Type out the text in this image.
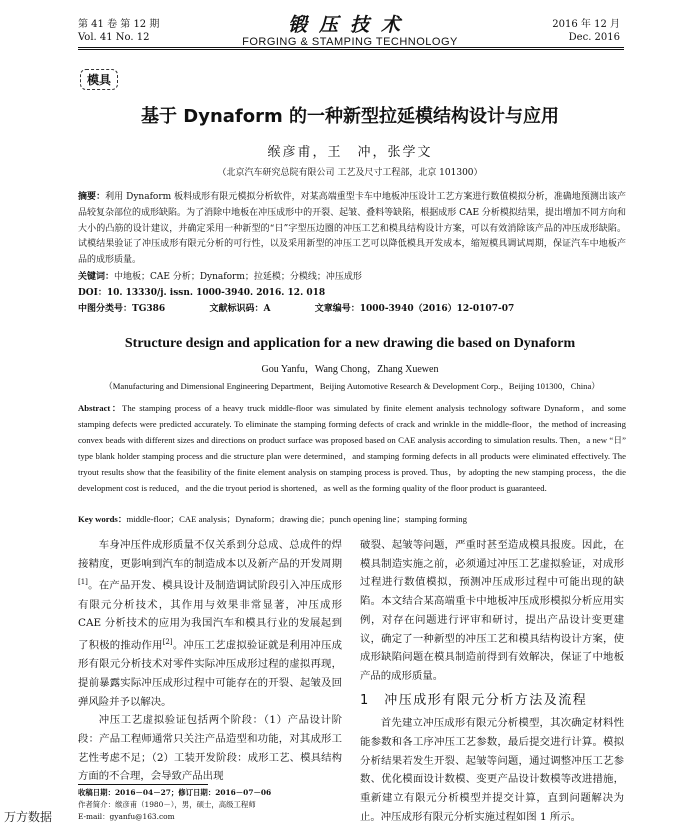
第 41 卷 第 12 期
Vol. 41 No. 12
锻压技术
FORGING & STAMPING TECHNOLOGY
2016 年 12 月
Dec. 2016
模具
基于 Dynaform 的一种新型拉延模结构设计与应用
缑彦甫，王　冲，张学文
（北京汽车研究总院有限公司 工艺及尺寸工程部，北京 101300）
摘要：利用 Dynaform 板料成形有限元模拟分析软件，对某高端重型卡车中地板冲压设计工艺方案进行数值模拟分析，准确地预测出该产品较复杂部位的成形缺陷。为了消除中地板在冲压成形中的开裂、起皱、叠料等缺陷，根据成形 CAE 分析模拟结果，提出增加不同方向和大小的凸筋的设计建议，并确定采用一种新型的“日”字型压边圈的冲压工艺和模具结构设计方案，可以有效消除该产品的冲压成形缺陷。试模结果验证了冲压成形有限元分析的可行性，以及采用新型的冲压工艺可以降低模具开发成本，缩短模具调试周期，保证汽车中地板产品的成形质量。
关键词：中地板；CAE 分析；Dynaform；拉延模；分模线；冲压成形
DOI：10. 13330/j. issn. 1000-3940. 2016. 12. 018
中图分类号：TG386	文献标识码：A	文章编号：1000-3940（2016）12-0107-07
Structure design and application for a new drawing die based on Dynaform
Gou Yanfu，Wang Chong，Zhang Xuewen
（Manufacturing and Dimensional Engineering Department，Beijing Automotive Research & Development Corp.，Beijing 101300，China）
Abstract：The stamping process of a heavy truck middle-floor was simulated by finite element analysis technology software Dynaform，and some stamping defects were predicted accurately. To eliminate the stamping forming defects of crack and wrinkle in the middle-floor，the method of increasing convex beads with different sizes and directions on product surface was proposed based on CAE analysis according to simulation results. Then，a new “日” type blank holder stamping process and die structure plan were determined，and stamping forming defects in all products were eliminated effectively. The tryout results show that the feasibility of the finite element analysis on stamping process is proved. Thus，by adopting the new stamping process，the die development cost is reduced，and the die tryout period is shortened，as well as the forming quality of the floor product is guaranteed.
Key words：middle-floor；CAE analysis；Dynaform；drawing die；punch opening line；stamping forming

车身冲压件成形质量不仅关系到分总成、总成件的焊接精度，更影响到汽车的制造成本以及新产品的开发周期[1]。在产品开发、模具设计及制造调试阶段引入冲压成形有限元分析技术，其作用与效果非常显著，冲压成形 CAE 分析技术的应用为我国汽车和模具行业的发展起到了积极的推动作用[2]。冲压工艺虚拟验证就是利用冲压成形有限元分析技术对零件实际冲压成形过程的虚拟再现，提前暴露实际冲压成形过程中可能存在的开裂、起皱及回弹风险并予以解决。

冲压工艺虚拟验证包括两个阶段：（1）产品设计阶段：产品工程师通常只关注产品造型和功能，对其成形工艺性考虑不足；（2）工装开发阶段：成形工艺、模具结构方面的不合理，会导致产品出现

破裂、起皱等问题，严重时甚至造成模具报废。因此，在模具制造实施之前，必须通过冲压工艺虚拟验证，对成形过程进行数值模拟，预测冲压成形过程中可能出现的缺陷。本文结合某高端重卡中地板冲压成形模拟分析应用实例，对存在问题进行评审和研讨，提出产品设计变更建议，确定了一种新型的冲压工艺和模具结构设计方案，使成形缺陷问题在模具制造前得到有效解决，保证了中地板产品的成形质量。

1　冲压成形有限元分析方法及流程

首先建立冲压成形有限元分析模型，其次确定材料性能参数和各工序冲压工艺参数，最后提交进行计算。模拟分析结果若发生开裂、起皱等问题，通过调整冲压工艺参数、优化模面设计数模、变更产品设计数模等改进措施，重新建立有限元分析模型并提交计算，直到问题解决为止。冲压成形有限元分析实施过程如图 1 所示。

收稿日期：2016－04－27；修订日期：2016－07－06
作者简介：缑彦甫（1980－），男，硕士，高级工程师
E-mail：gyanfu@163.com
万方数据
